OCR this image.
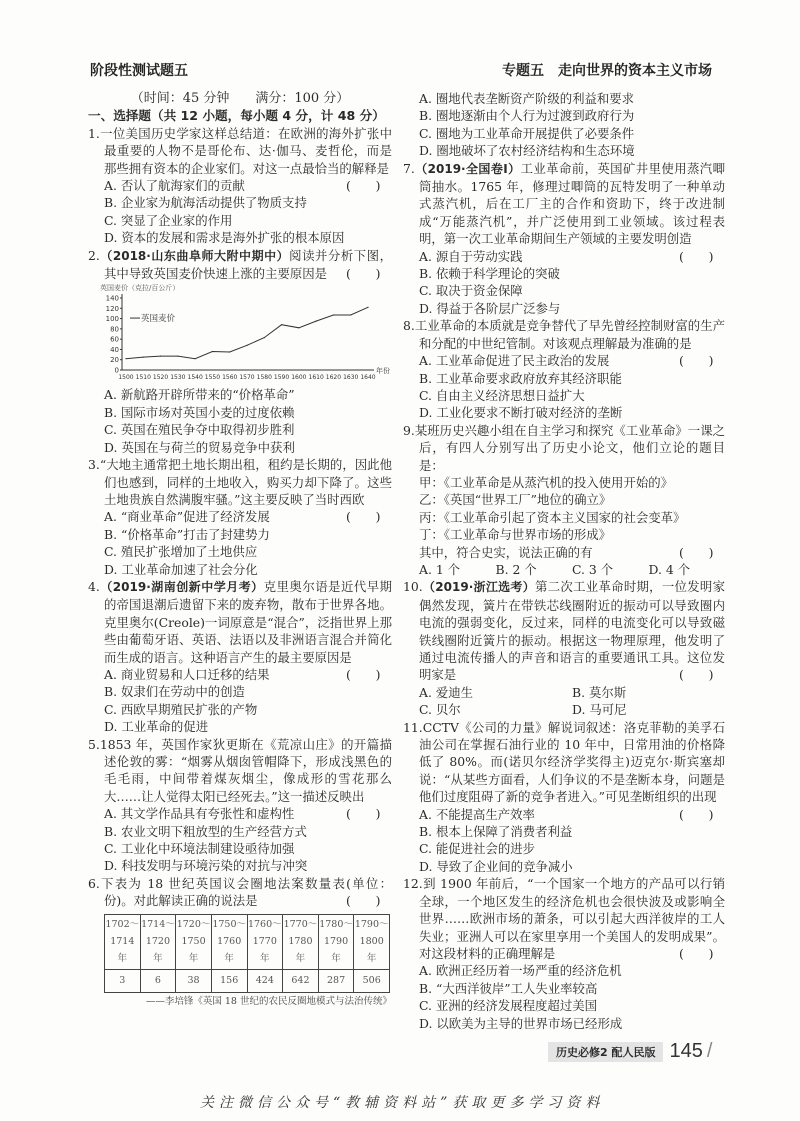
阶段性测试题五	专题五　走向世界的资本主义市场
（时间：45 分钟　　满分：100 分）
一、选择题（共 12 小题，每小题 4 分，计 48 分）
1.一位美国历史学家这样总结道：在欧洲的海外扩张中最重要的人物不是哥伦布、达·伽马、麦哲伦，而是那些拥有资本的企业家们。对这一点最恰当的解释是
(　　)
A. 否认了航海家们的贡献
B. 企业家为航海活动提供了物质支持
C. 突显了企业家的作用
D. 资本的发展和需求是海外扩张的根本原因
2.（2018·山东曲阜师大附中期中）阅读并分析下图，其中导致英国麦价快速上涨的主要原因是 (　　)
英国麦价（克拉/百公斤）
0
20
40
60
80
100
120
140
1500 1510 1520 1530 1540 1550 1560 1570 1580 1590 1600 1610 1620 1630 1640
年份
英国麦价
A. 新航路开辟所带来的“价格革命”
B. 国际市场对英国小麦的过度依赖
C. 英国在殖民争夺中取得初步胜利
D. 英国在与荷兰的贸易竞争中获利
3.“大地主通常把土地长期出租，租约是长期的，因此他们也感到，同样的土地收入，购买力却下降了。这些土地贵族自然满腹牢骚。”这主要反映了当时西欧
(　　)
A. “商业革命”促进了经济发展
B. “价格革命”打击了封建势力
C. 殖民扩张增加了土地供应
D. 工业革命加速了社会分化
4.（2019·湖南创新中学月考）克里奥尔语是近代早期的帝国退潮后遗留下来的废弃物，散布于世界各地。克里奥尔(Creole)一词原意是“混合”，泛指世界上那些由葡萄牙语、英语、法语以及非洲语言混合并简化而生成的语言。这种语言产生的最主要原因是
(　　)
A. 商业贸易和人口迁移的结果
B. 奴隶们在劳动中的创造
C. 西欧早期殖民扩张的产物
D. 工业革命的促进
5.1853 年，英国作家狄更斯在《荒凉山庄》的开篇描述伦敦的雾：“烟雾从烟囱管帽降下，形成浅黑色的毛毛雨，中间带着煤灰烟尘，像成形的雪花那么大……让人觉得太阳已经死去。”这一描述反映出
(　　)
A. 其文学作品具有夸张性和虚构性
B. 农业文明下粗放型的生产经营方式
C. 工业化中环境法制建设亟待加强
D. 科技发明与环境污染的对抗与冲突
6.下表为 18 世纪英国议会圈地法案数量表(单位：份)。对此解读正确的说法是	(　　)
1702～1714 年	1714～1720 年	1720～1750 年	1750～1760 年	1760～1770 年	1770～1780 年	1780～1790 年	1790～1800 年
3	6	38	156	424	642	287	506
——李培锋《英国 18 世纪的农民反圈地模式与法治传统》
A. 圈地代表垄断资产阶级的利益和要求
B. 圈地逐渐由个人行为过渡到政府行为
C. 圈地为工业革命开展提供了必要条件
D. 圈地破坏了农村经济结构和生态环境
7.（2019·全国卷Ⅰ）工业革命前，英国矿井里使用蒸汽唧筒抽水。1765 年，修理过唧筒的瓦特发明了一种单动式蒸汽机，后在工厂主的合作和资助下，终于改进制成“万能蒸汽机”，并广泛使用到工业领域。该过程表明，第一次工业革命期间生产领域的主要发明创造
(　　)
A. 源自于劳动实践
B. 依赖于科学理论的突破
C. 取决于资金保障
D. 得益于各阶层广泛参与
8.工业革命的本质就是竞争替代了早先曾经控制财富的生产和分配的中世纪管制。对该观点理解最为准确的是
(　　)
A. 工业革命促进了民主政治的发展
B. 工业革命要求政府放弃其经济职能
C. 自由主义经济思想日益扩大
D. 工业化要求不断打破对经济的垄断
9.某班历史兴趣小组在自主学习和探究《工业革命》一课之后，有四人分别写出了历史小论文，他们立论的题目是：
甲：《工业革命是从蒸汽机的投入使用开始的》
乙：《英国“世界工厂”地位的确立》
丙：《工业革命引起了资本主义国家的社会变革》
丁：《工业革命与世界市场的形成》
其中，符合史实，说法正确的有	(　　)
A. 1 个	B. 2 个	C. 3 个	D. 4 个
10.（2019·浙江选考）第二次工业革命时期，一位发明家偶然发现，簧片在带铁芯线圈附近的振动可以导致圈内电流的强弱变化，反过来，同样的电流变化可以导致磁铁线圈附近簧片的振动。根据这一物理原理，他发明了通过电流传播人的声音和语言的重要通讯工具。这位发明家是	(　　)
A. 爱迪生	B. 莫尔斯
C. 贝尔	D. 马可尼
11.CCTV《公司的力量》解说词叙述：洛克菲勒的美孚石油公司在掌握石油行业的 10 年中，日常用油的价格降低了 80%。而(诺贝尔经济学奖得主)迈克尔·斯宾塞却说：“从某些方面看，人们争议的不是垄断本身，问题是他们过度阻碍了新的竞争者进入。”可见垄断组织的出现
(　　)
A. 不能提高生产效率
B. 根本上保障了消费者利益
C. 能促进社会的进步
D. 导致了企业间的竞争减小
12.到 1900 年前后，“一个国家一个地方的产品可以行销全球，一个地区发生的经济危机也会很快波及或影响全世界……欧洲市场的萧条，可以引起大西洋彼岸的工人失业；亚洲人可以在家里享用一个美国人的发明成果”。对这段材料的正确理解是	(　　)
A. 欧洲正经历着一场严重的经济危机
B. “大西洋彼岸”工人失业率较高
C. 亚洲的经济发展程度超过美国
D. 以欧美为主导的世界市场已经形成
历史必修2 配人民版 145 /
关注微信公众号“教辅资料站”获取更多学习资料
